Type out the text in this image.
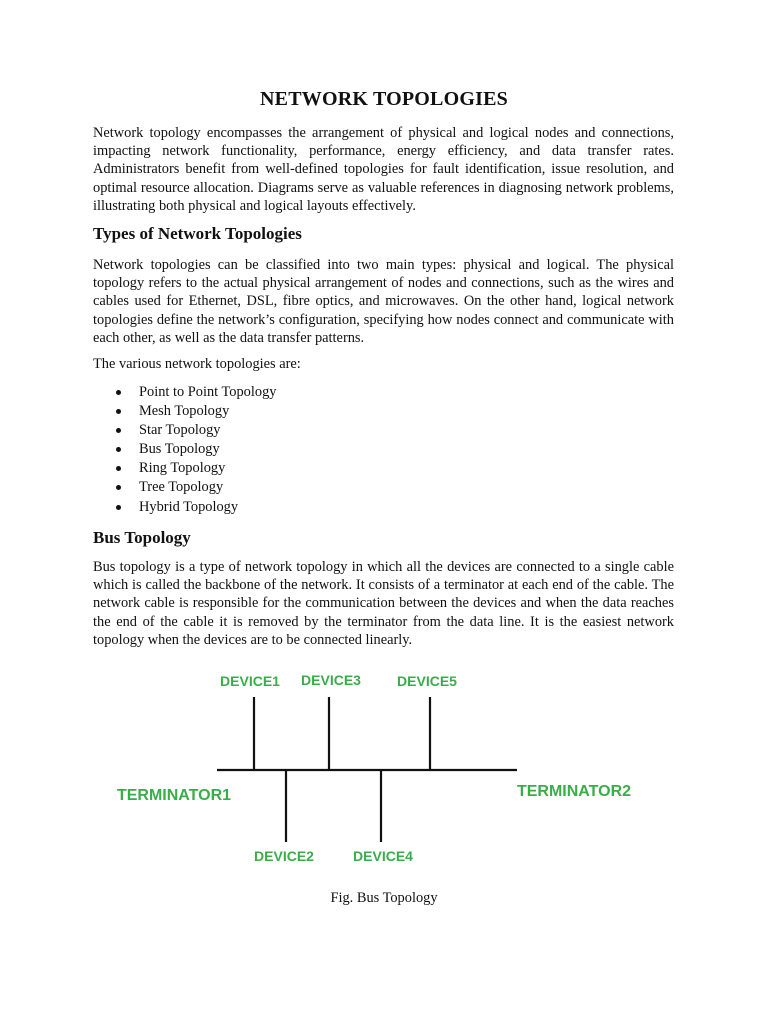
NETWORK TOPOLOGIES

Network topology encompasses the arrangement of physical and logical nodes and connections, impacting network functionality, performance, energy efficiency, and data transfer rates. Administrators benefit from well-defined topologies for fault identification, issue resolution, and optimal resource allocation. Diagrams serve as valuable references in diagnosing network problems, illustrating both physical and logical layouts effectively.

Types of Network Topologies

Network topologies can be classified into two main types: physical and logical. The physical topology refers to the actual physical arrangement of nodes and connections, such as the wires and cables used for Ethernet, DSL, fibre optics, and microwaves. On the other hand, logical network topologies define the network’s configuration, specifying how nodes connect and communicate with each other, as well as the data transfer patterns.

The various network topologies are:

Point to Point Topology
Mesh Topology
Star Topology
Bus Topology
Ring Topology
Tree Topology
Hybrid Topology
Bus Topology

Bus topology is a type of network topology in which all the devices are connected to a single cable which is called the backbone of the network. It consists of a terminator at each end of the cable. The network cable is responsible for the communication between the devices and when the data reaches the end of the cable it is removed by the terminator from the data line. It is the easiest network topology when the devices are to be connected linearly.

DEVICE1 DEVICE3	DEVICE5
DEVICE2	DEVICE4
TERMINATOR1	TERMINATOR2

Fig. Bus Topology
